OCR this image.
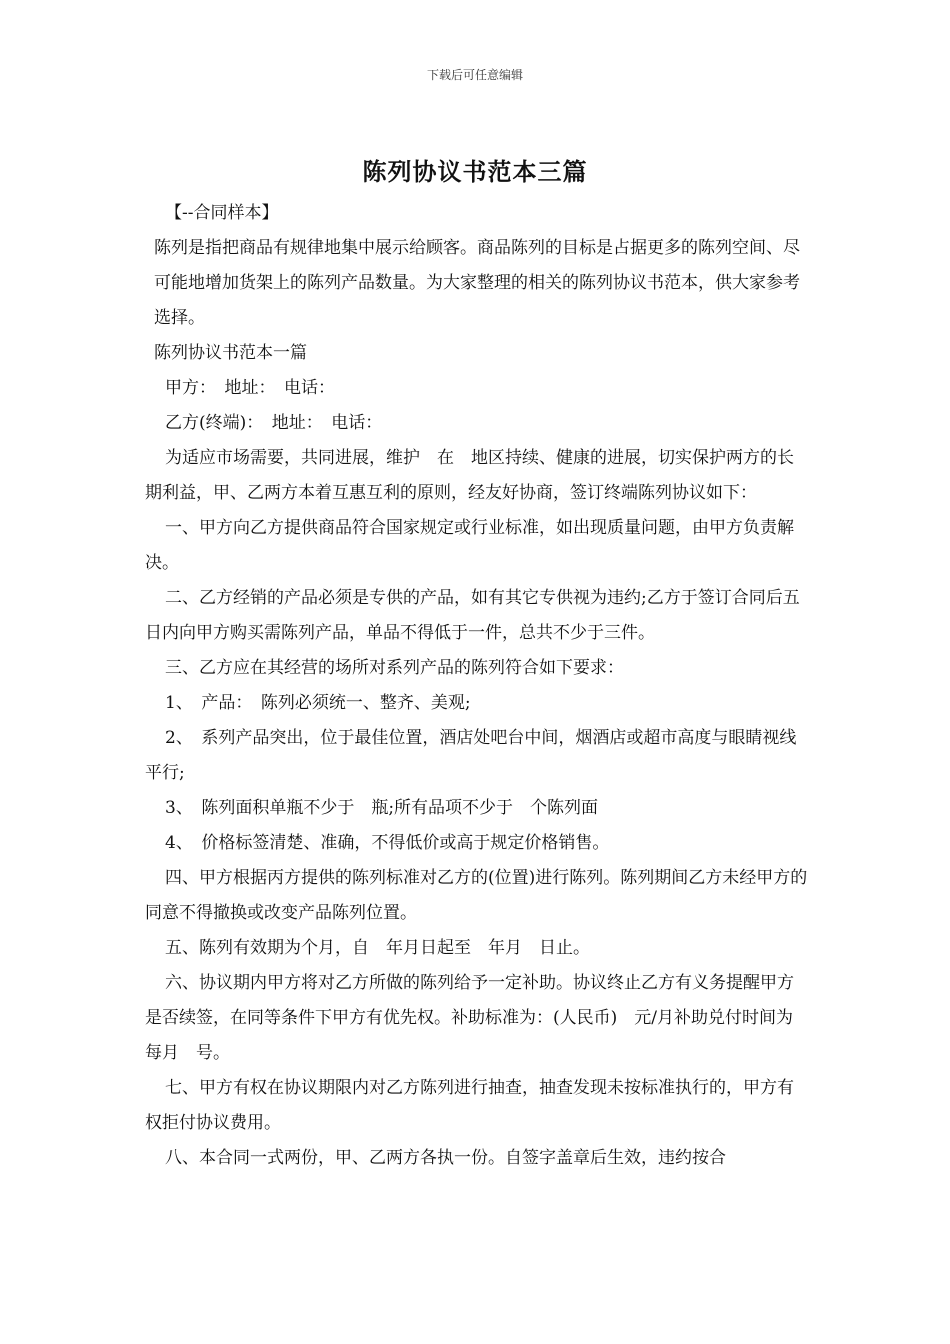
下载后可任意编辑
陈列协议书范本三篇

【--合同样本】

陈列是指把商品有规律地集中展示给顾客。商品陈列的目标是占据更多的陈列空间、尽可能地增加货架上的陈列产品数量。为大家整理的相关的陈列协议书范本，供大家参考选择。

陈列协议书范本一篇

甲方：　地址：　电话：

乙方(终端)：　地址：　电话：

为适应市场需要，共同进展，维护　在　地区持续、健康的进展，切实保护两方的长期利益，甲、乙两方本着互惠互利的原则，经友好协商，签订终端陈列协议如下：

一、甲方向乙方提供商品符合国家规定或行业标准，如出现质量问题，由甲方负责解决。

二、乙方经销的产品必须是专供的产品，如有其它专供视为违约;乙方于签订合同后五日内向甲方购买需陈列产品，单品不得低于一件，总共不少于三件。

三、乙方应在其经营的场所对系列产品的陈列符合如下要求：

1、　产品：　陈列必须统一、整齐、美观;

2、　系列产品突出，位于最佳位置，酒店处吧台中间，烟酒店或超市高度与眼睛视线平行;

3、　陈列面积单瓶不少于　瓶;所有品项不少于　个陈列面

4、　价格标签清楚、准确，不得低价或高于规定价格销售。

四、甲方根据丙方提供的陈列标准对乙方的(位置)进行陈列。陈列期间乙方未经甲方的同意不得撤换或改变产品陈列位置。

五、陈列有效期为个月，自　年月日起至　年月　日止。

六、协议期内甲方将对乙方所做的陈列给予一定补助。协议终止乙方有义务提醒甲方是否续签，在同等条件下甲方有优先权。补助标准为：(人民币)　元/月补助兑付时间为每月　号。

七、甲方有权在协议期限内对乙方陈列进行抽查，抽查发现未按标准执行的，甲方有权拒付协议费用。

八、本合同一式两份，甲、乙两方各执一份。自签字盖章后生效，违约按合
